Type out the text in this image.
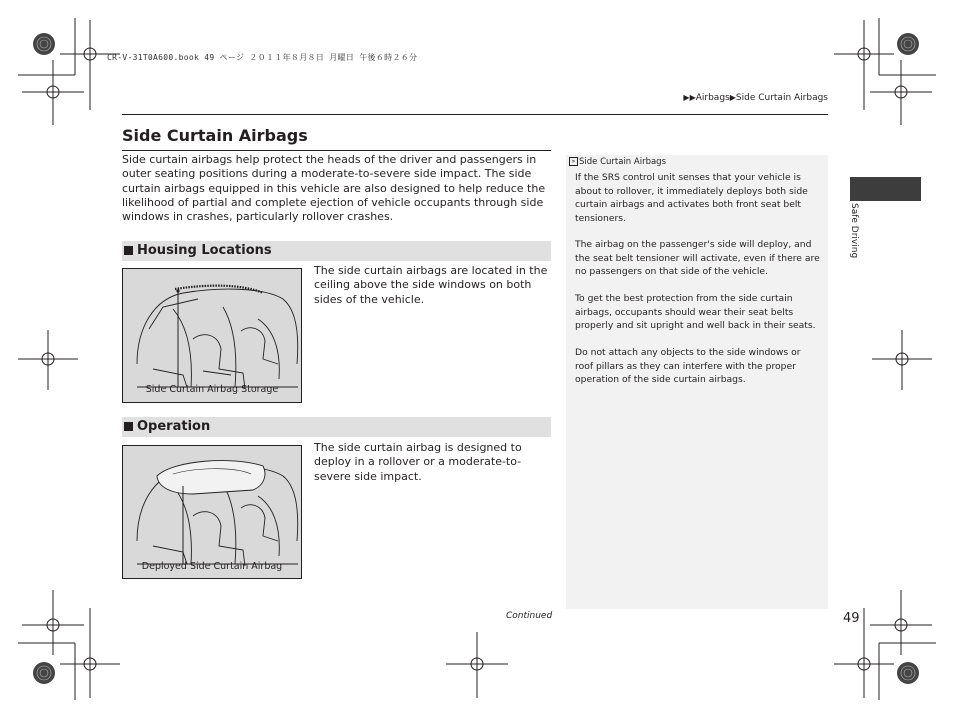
CR-V-31T0A600.book 49 ページ ２０１１年８月８日 月曜日 午後６時２６分
▶▶Airbags▶Side Curtain Airbags
Side Curtain Airbags
Side curtain airbags help protect the heads of the driver and passengers in outer seating positions during a moderate-to-severe side impact. The side curtain airbags equipped in this vehicle are also designed to help reduce the likelihood of partial and complete ejection of vehicle occupants through side windows in crashes, particularly rollover crashes.
Housing Locations
Side Curtain Airbag Storage
The side curtain airbags are located in the ceiling above the side windows on both sides of the vehicle.
Operation
Deployed Side Curtain Airbag
The side curtain airbag is designed to deploy in a rollover or a moderate-to-severe side impact.
» Side Curtain Airbags

If the SRS control unit senses that your vehicle is about to rollover, it immediately deploys both side curtain airbags and activates both front seat belt tensioners.

The airbag on the passenger's side will deploy, and the seat belt tensioner will activate, even if there are no passengers on that side of the vehicle.

To get the best protection from the side curtain airbags, occupants should wear their seat belts properly and sit upright and well back in their seats.

Do not attach any objects to the side windows or roof pillars as they can interfere with the proper operation of the side curtain airbags.

Safe Driving
Continued	49
